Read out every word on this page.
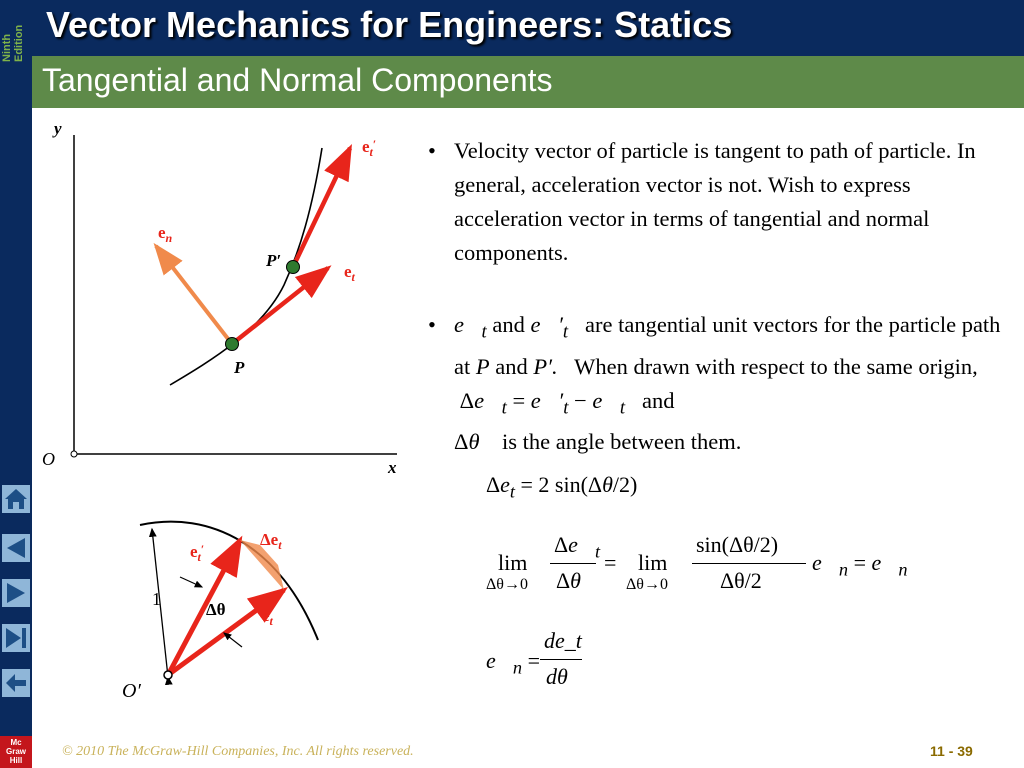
Ninth
Edition
Mc
Graw
Hill
Vector Mechanics for Engineers: Statics
Tangential and Normal Components
y
x
O
P
P′
$e_n$
$e_t$
$e_t'$
1
O′
Δθ
$\Delta e_t$
$e_t'$
$e_t$
• Velocity vector of particle is tangent to path of particle. In general, acceleration vector is not. Wish to express acceleration vector in terms of tangential and normal components.
• $e⃗_t$ and $e⃗'_t$ are tangential unit vectors for the particle path at P and P′. When drawn with respect to the same origin,  $\Delta e⃗_t$ = $e⃗'_t$ − $e⃗_t$ and
Δθ is the angle between them.
$\Delta e_t = 2$ sin(Δθ/2)
lim
Δθ→0
$\Delta e⃗_t$
Δθ
= lim
Δθ→0
sin(Δθ/2)
Δθ/2
$e⃗_n$ = $e⃗_n$
$e⃗_n$ =
de_t
dθ
© 2010 The McGraw-Hill Companies, Inc. All rights reserved.	11 - 39
